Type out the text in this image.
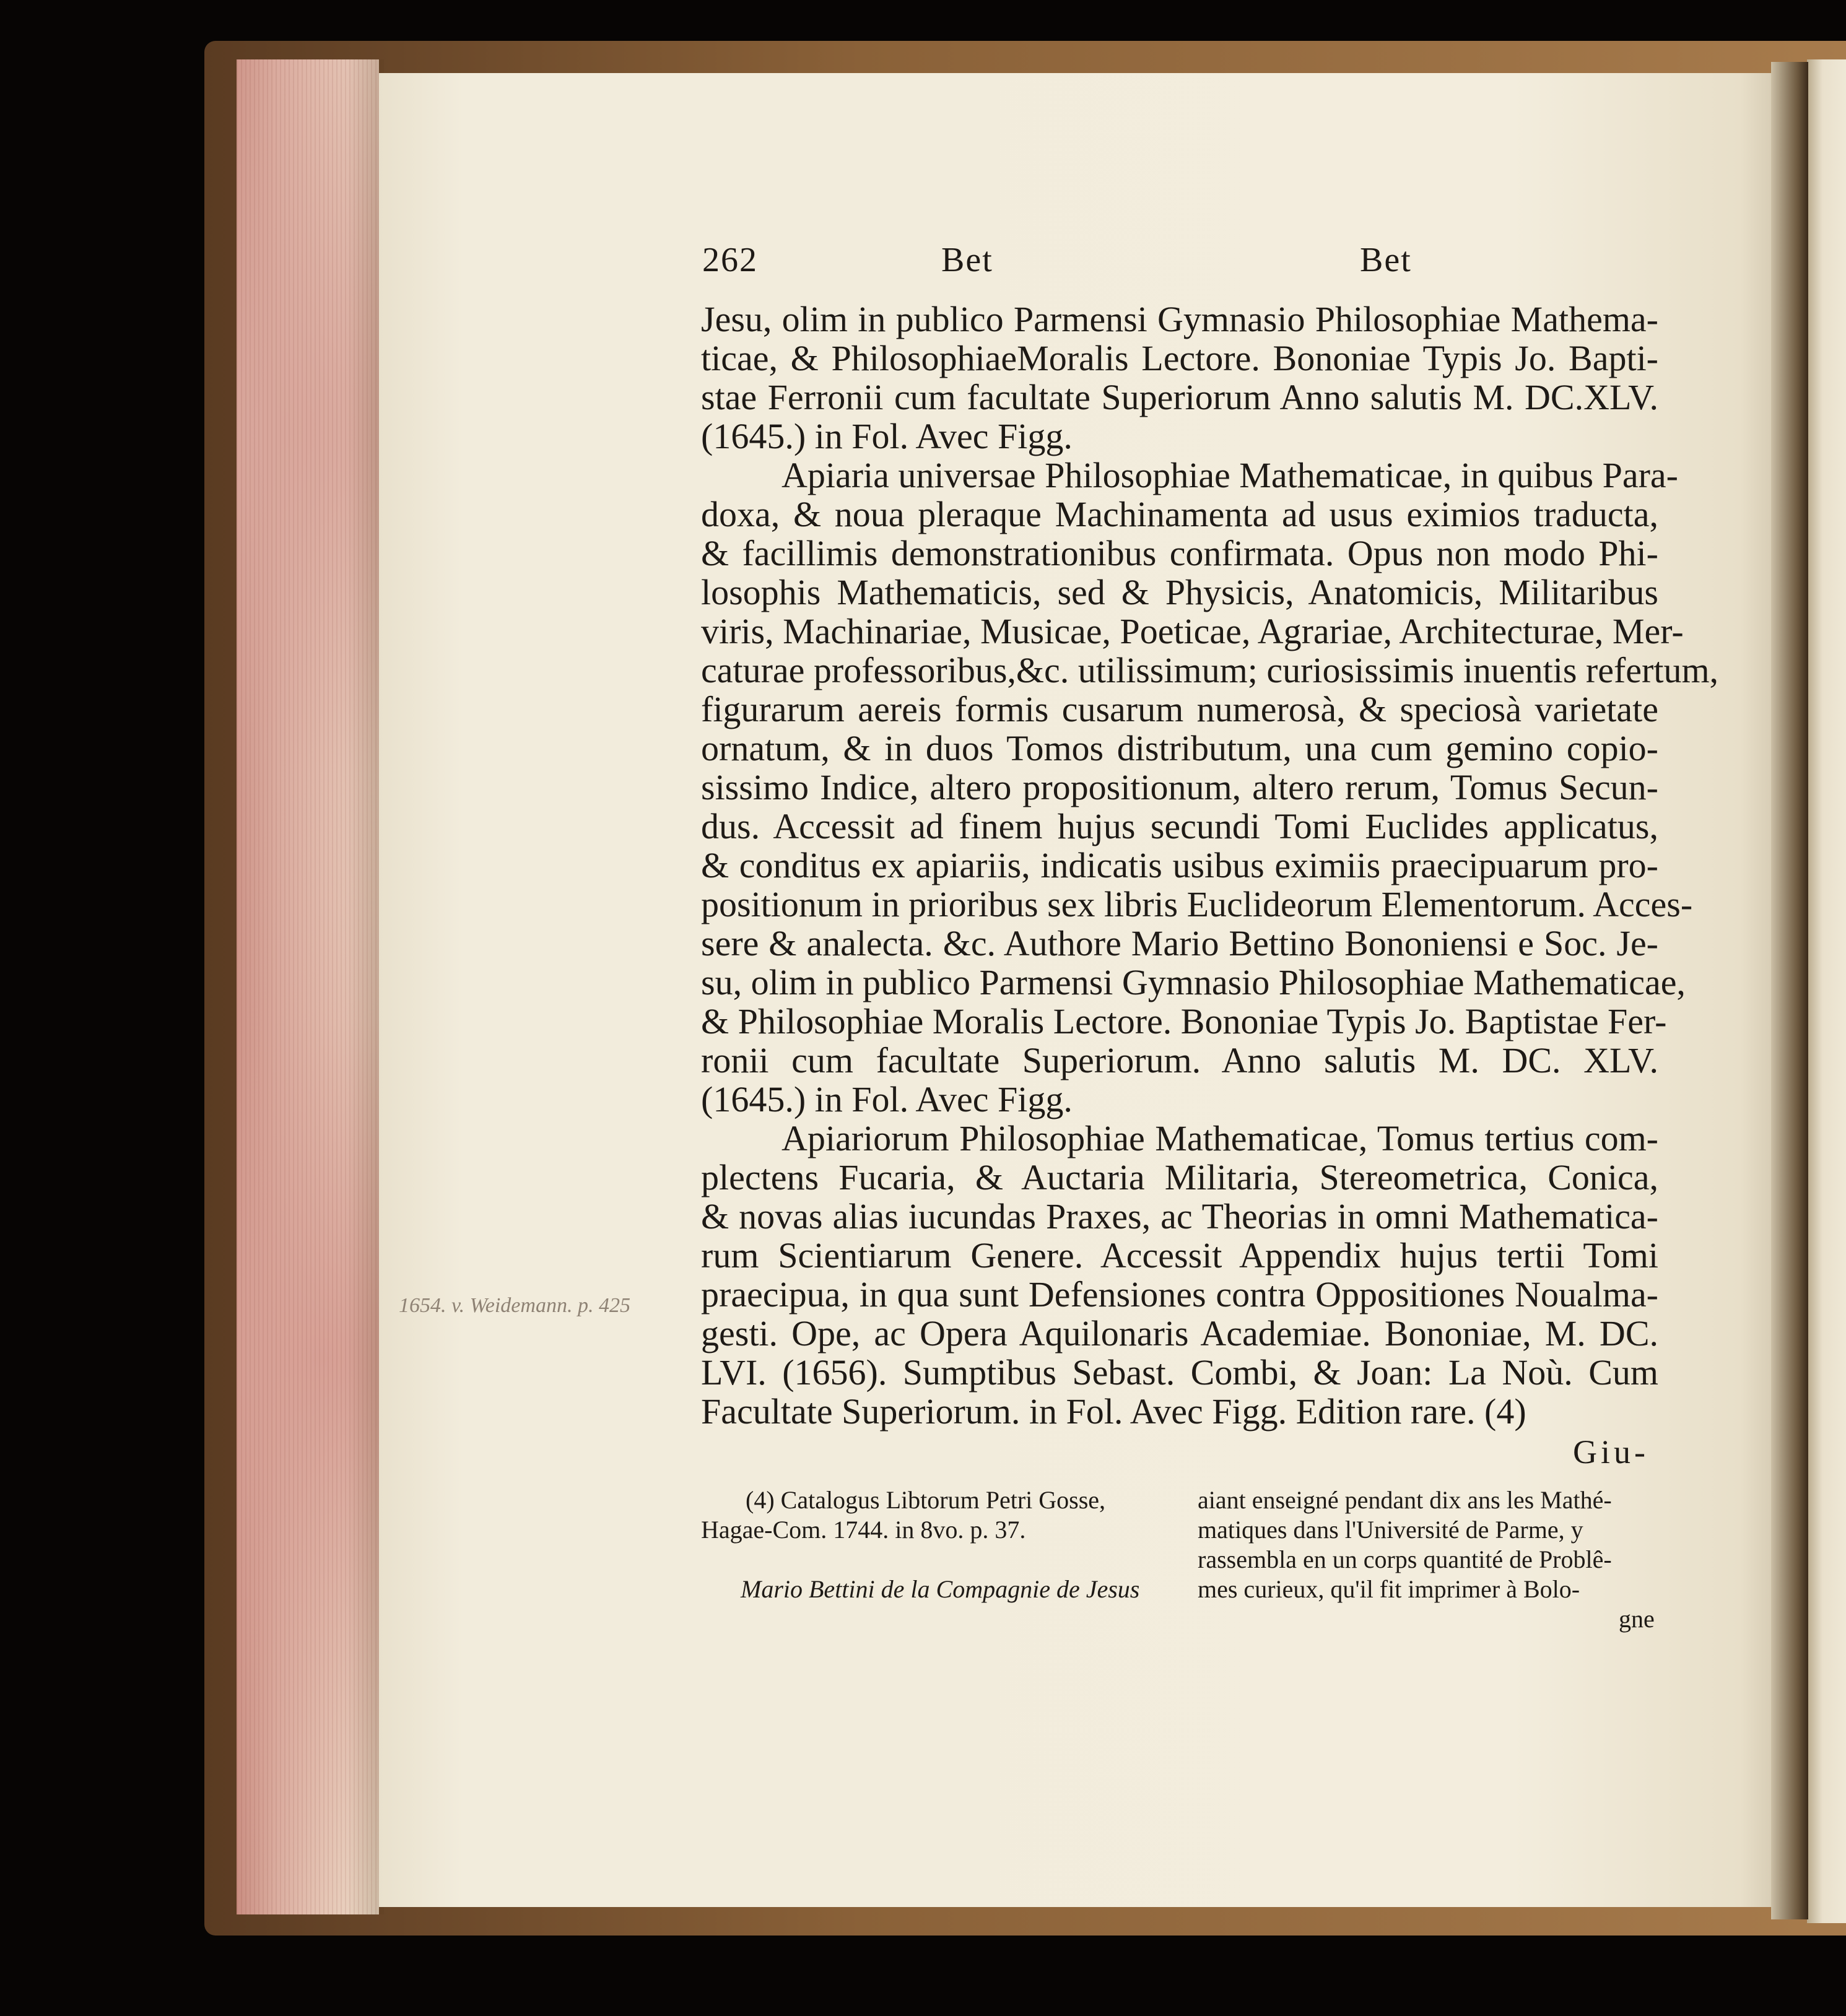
262	Bet	Bet
Jesu, olim in publico Parmensi Gymnasio Philosophiae Mathema-
ticae, & PhilosophiaeMoralis Lectore. Bononiae Typis Jo. Bapti-
stae Ferronii cum facultate Superiorum Anno salutis M. DC.XLV.
(1645.) in Fol. Avec Figg.
Apiaria universae Philosophiae Mathematicae, in quibus Para-
doxa, & noua pleraque Machinamenta ad usus eximios traducta,
& facillimis demonstrationibus confirmata. Opus non modo Phi-
losophis Mathematicis, sed & Physicis, Anatomicis, Militaribus
viris, Machinariae, Musicae, Poeticae, Agrariae, Architecturae, Mer-
caturae professoribus,&c. utilissimum; curiosissimis inuentis refertum,
figurarum aereis formis cusarum numerosà, & speciosà varietate
ornatum, & in duos Tomos distributum, una cum gemino copio-
sissimo Indice, altero propositionum, altero rerum, Tomus Secun-
dus. Accessit ad finem hujus secundi Tomi Euclides applicatus,
& conditus ex apiariis, indicatis usibus eximiis praecipuarum pro-
positionum in prioribus sex libris Euclideorum Elementorum. Acces-
sere & analecta. &c. Authore Mario Bettino Bononiensi e Soc. Je-
su, olim in publico Parmensi Gymnasio Philosophiae Mathematicae,
& Philosophiae Moralis Lectore. Bononiae Typis Jo. Baptistae Fer-
ronii cum facultate Superiorum. Anno salutis M. DC. XLV.
(1645.) in Fol. Avec Figg.
Apiariorum Philosophiae Mathematicae, Tomus tertius com-
plectens Fucaria, & Auctaria Militaria, Stereometrica, Conica,
& novas alias iucundas Praxes, ac Theorias in omni Mathematica-
rum Scientiarum Genere. Accessit Appendix hujus tertii Tomi
praecipua, in qua sunt Defensiones contra Oppositiones Noualma-
gesti. Ope, ac Opera Aquilonaris Academiae. Bononiae, M. DC.
LVI. (1656). Sumptibus Sebast. Combi, & Joan: La Noù. Cum
Facultate Superiorum. in Fol. Avec Figg. Edition rare. (4)
Giu-
(4) Catalogus Libtorum Petri Gosse,
Hagae-Com. 1744. in 8vo. p. 37.
Mario Bettini de la Compagnie de Jesus
aiant enseigné pendant dix ans les Mathé-
matiques dans l'Université de Parme, y
rassembla en un corps quantité de Problê-
mes curieux, qu'il fit imprimer à Bolo-
gne
1654. v. Weidemann. p. 425
